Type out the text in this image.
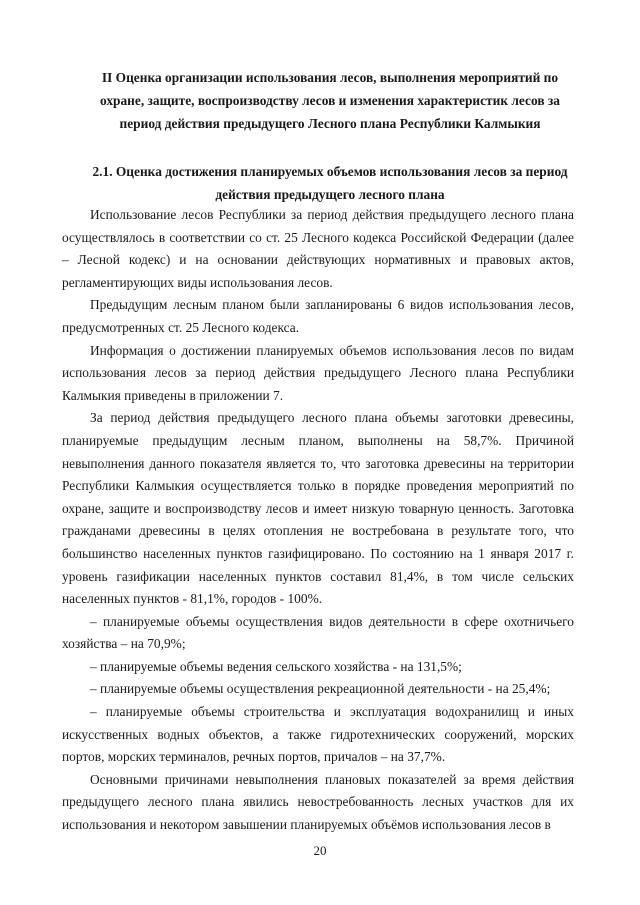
II Оценка организации использования лесов, выполнения мероприятий по охране, защите, воспроизводству лесов и изменения характеристик лесов за период действия предыдущего Лесного плана Республики Калмыкия
2.1. Оценка достижения планируемых объемов использования лесов за период действия предыдущего лесного плана

Использование лесов Республики за период действия предыдущего лесного плана осуществлялось в соответствии со ст. 25 Лесного кодекса Российской Федерации (далее – Лесной кодекс) и на основании действующих нормативных и правовых актов, регламентирующих виды использования лесов.

Предыдущим лесным планом были запланированы 6 видов использования лесов, предусмотренных ст. 25 Лесного кодекса.

Информация о достижении планируемых объемов использования лесов по видам использования лесов за период действия предыдущего Лесного плана Республики Калмыкия приведены в приложении 7.

За период действия предыдущего лесного плана объемы заготовки древесины, планируемые предыдущим лесным планом, выполнены на 58,7%. Причиной невыполнения данного показателя является то, что заготовка древесины на территории Республики Калмыкия осуществляется только в порядке проведения мероприятий по охране, защите и воспроизводству лесов и имеет низкую товарную ценность. Заготовка гражданами древесины в целях отопления не востребована в результате того, что большинство населенных пунктов газифицировано. По состоянию на 1 января 2017 г. уровень газификации населенных пунктов составил 81,4%, в том числе сельских населенных пунктов - 81,1%, городов - 100%.

– планируемые объемы осуществления видов деятельности в сфере охотничьего хозяйства – на 70,9%;

– планируемые объемы ведения сельского хозяйства - на 131,5%;

– планируемые объемы осуществления рекреационной деятельности - на 25,4%;

– планируемые объемы строительства и эксплуатация водохранилищ и иных искусственных водных объектов, а также гидротехнических сооружений, морских портов, морских терминалов, речных портов, причалов – на 37,7%.

Основными причинами невыполнения плановых показателей за время действия предыдущего лесного плана явились невостребованность лесных участков для их использования и некотором завышении планируемых объёмов использования лесов в

20
